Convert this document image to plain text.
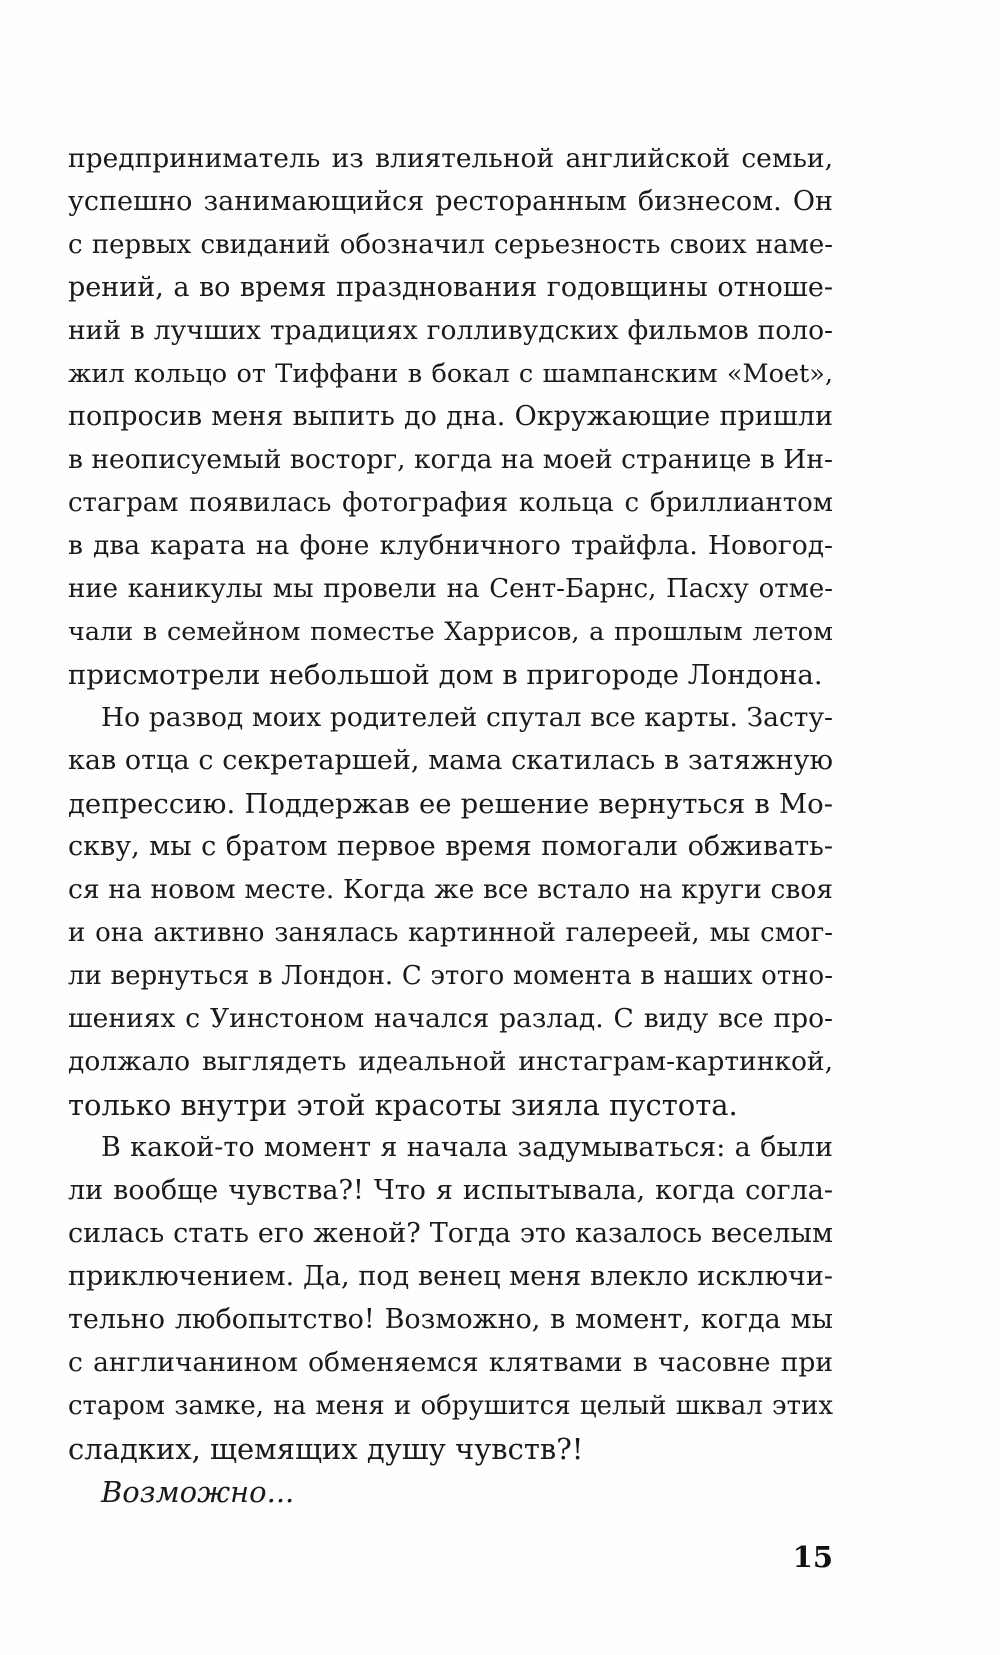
предприниматель из влиятельной английской семьи,
успешно занимающийся ресторанным бизнесом. Он
с первых свиданий обозначил серьезность своих наме-
рений, а во время празднования годовщины отноше-
ний в лучших традициях голливудских фильмов поло-
жил кольцо от Тиффани в бокал с шампанским «Moet»,
попросив меня выпить до дна. Окружающие пришли
в неописуемый восторг, когда на моей странице в Ин-
стаграм появилась фотография кольца с бриллиантом
в два карата на фоне клубничного трайфла. Новогод-
ние каникулы мы провели на Сент-Барнс, Пасху отме-
чали в семейном поместье Харрисов, а прошлым летом
присмотрели небольшой дом в пригороде Лондона.
Но развод моих родителей спутал все карты. Засту-
кав отца с секретаршей, мама скатилась в затяжную
депрессию. Поддержав ее решение вернуться в Мо-
скву, мы с братом первое время помогали обживать-
ся на новом месте. Когда же все встало на круги своя
и она активно занялась картинной галереей, мы смог-
ли вернуться в Лондон. С этого момента в наших отно-
шениях с Уинстоном начался разлад. С виду все про-
должало выглядеть идеальной инстаграм-картинкой,
только внутри этой красоты зияла пустота.
В какой-то момент я начала задумываться: а были
ли вообще чувства?! Что я испытывала, когда согла-
силась стать его женой? Тогда это казалось веселым
приключением. Да, под венец меня влекло исключи-
тельно любопытство! Возможно, в момент, когда мы
с англичанином обменяемся клятвами в часовне при
старом замке, на меня и обрушится целый шквал этих
сладких, щемящих душу чувств?!
Возможно...
15
